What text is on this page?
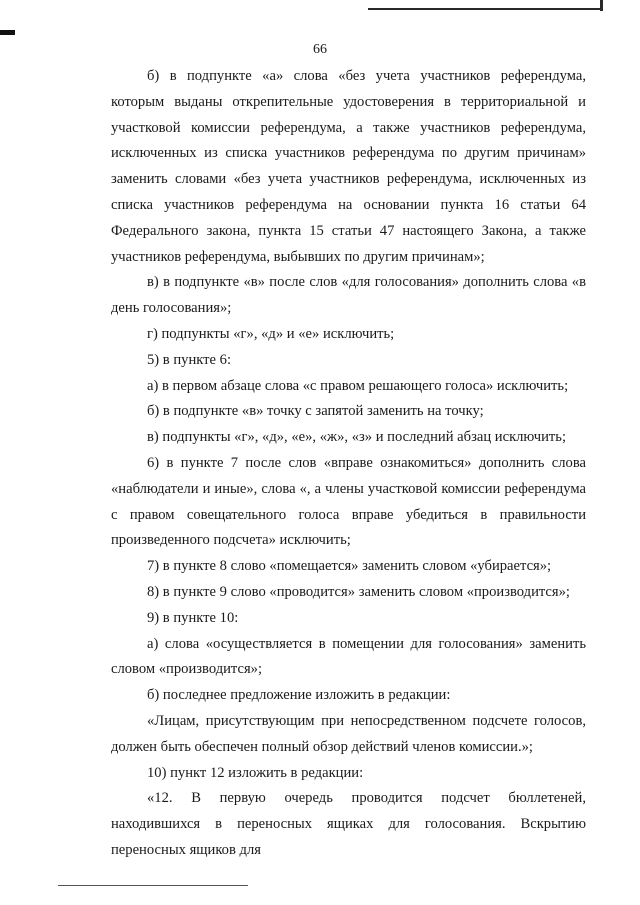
66

б) в подпункте «а» слова «без учета участников референдума, которым выданы открепительные удостоверения в территориальной и участковой комиссии референдума, а также участников референдума, исключенных из списка участников референдума по другим причинам» заменить словами «без учета участников референдума, исключенных из списка участников референдума на основании пункта 16 статьи 64 Федерального закона, пункта 15 статьи 47 настоящего Закона, а также участников референдума, выбывших по другим причинам»;

в) в подпункте «в» после слов «для голосования» дополнить слова «в день голосования»;

г) подпункты «г», «д» и «е» исключить;

5) в пункте 6:

а) в первом абзаце слова «с правом решающего голоса» исключить;

б) в подпункте «в» точку с запятой заменить на точку;

в) подпункты «г», «д», «е», «ж», «з» и последний абзац исключить;

6) в пункте 7 после слов «вправе ознакомиться» дополнить слова «наблюдатели и иные», слова «, а члены участковой комиссии референдума с правом совещательного голоса вправе убедиться в правильности произведенного подсчета» исключить;

7) в пункте 8 слово «помещается» заменить словом «убирается»;

8) в пункте 9 слово «проводится» заменить словом «производится»;

9) в пункте 10:

а) слова «осуществляется в помещении для голосования» заменить словом «производится»;

б) последнее предложение изложить в редакции:

«Лицам, присутствующим при непосредственном подсчете голосов, должен быть обеспечен полный обзор действий членов комиссии.»;

10) пункт 12 изложить в редакции:

«12. В первую очередь проводится подсчет бюллетеней, находившихся в переносных ящиках для голосования. Вскрытию переносных ящиков для
